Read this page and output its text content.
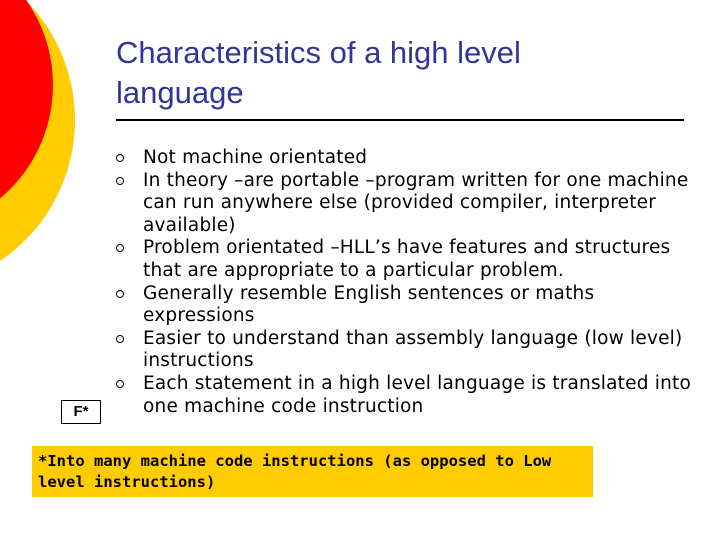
Characteristics of a high level language
Not machine orientated
In theory –are portable –program written for one machine can run anywhere else (provided compiler, interpreter available)
Problem orientated –HLL’s have features and structures that are appropriate to a particular problem.
Generally resemble English sentences or maths expressions
Easier to understand than assembly language (low level) instructions
Each statement in a high level language is translated into one machine code instruction
F*
*Into many machine code instructions (as opposed to Low level instructions)
